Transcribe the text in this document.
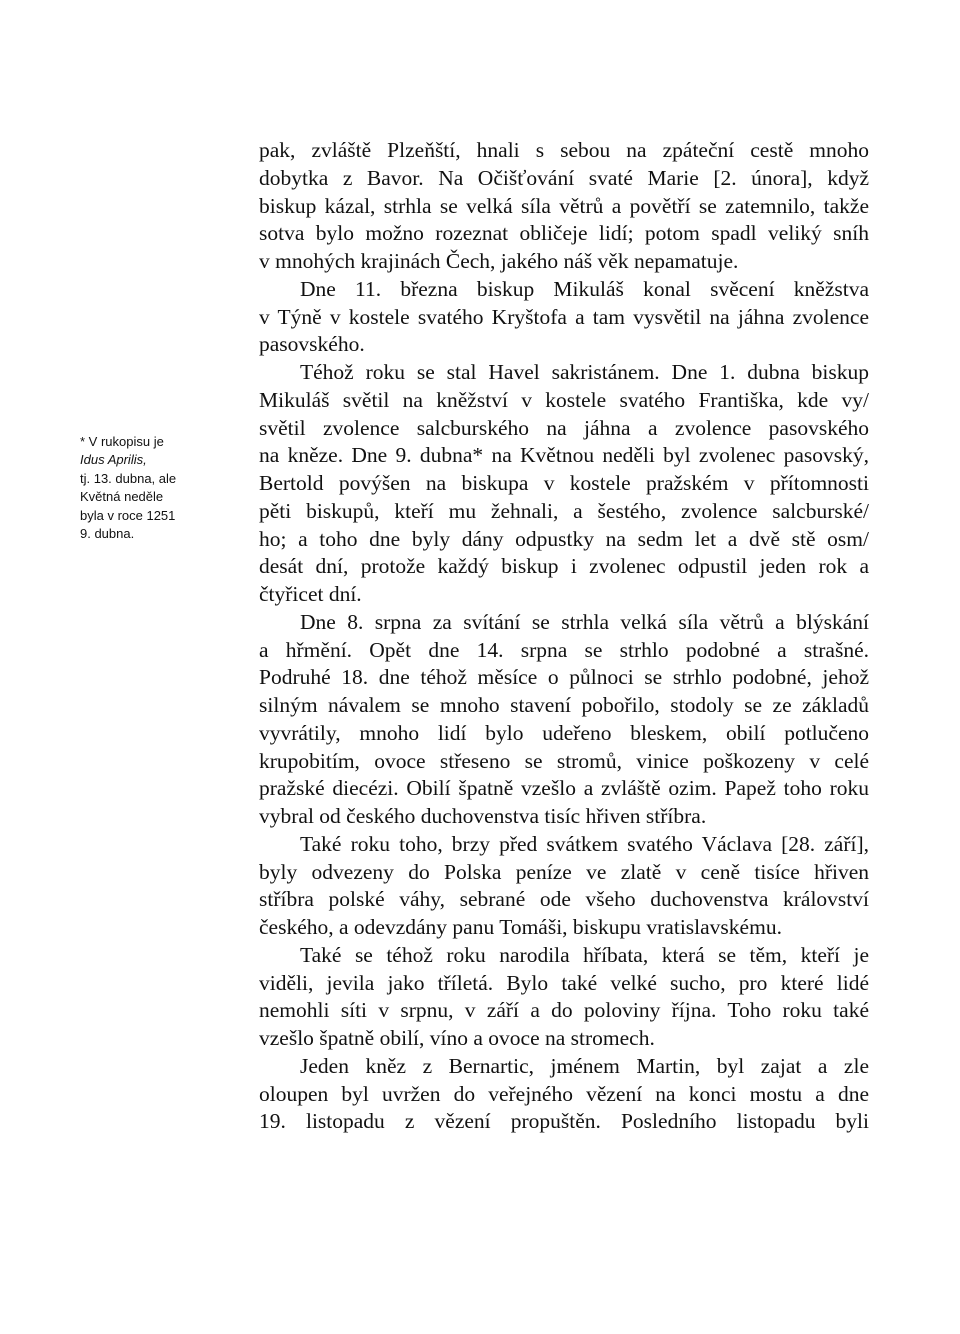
* V rukopisu je
Idus Aprilis,
tj. 13. dubna, ale
Květná neděle
byla v roce 1251
9. dubna.
pak, zvláště Plzeňští, hnali s sebou na zpáteční cestě mnoho
dobytka z Bavor. Na Očišťování svaté Marie [2. února], když
biskup kázal, strhla se velká síla větrů a povětří se zatemnilo, takže
sotva bylo možno rozeznat obličeje lidí; potom spadl veliký sníh
v mnohých krajinách Čech, jakého náš věk nepamatuje.
Dne 11. března biskup Mikuláš konal svěcení kněžstva
v Týně v kostele svatého Kryštofa a tam vysvětil na jáhna zvolence
pasovského.
Téhož roku se stal Havel sakristánem. Dne 1. dubna biskup
Mikuláš světil na kněžství v kostele svatého Františka, kde vy/
světil zvolence salcburského na jáhna a zvolence pasovského
na kněze. Dne 9. dubna* na Květnou neděli byl zvolenec pasovský,
Bertold povýšen na biskupa v kostele pražském v přítomnosti
pěti biskupů, kteří mu žehnali, a šestého, zvolence salcburské/
ho; a toho dne byly dány odpustky na sedm let a dvě stě osm/
desát dní, protože každý biskup i zvolenec odpustil jeden rok a
čtyřicet dní.
Dne 8. srpna za svítání se strhla velká síla větrů a blýskání
a hřmění. Opět dne 14. srpna se strhlo podobné a strašné.
Podruhé 18. dne téhož měsíce o půlnoci se strhlo podobné, jehož
silným návalem se mnoho stavení pobořilo, stodoly se ze základů
vyvrátily, mnoho lidí bylo udeřeno bleskem, obilí potlučeno
krupobitím, ovoce střeseno se stromů, vinice poškozeny v celé
pražské diecézi. Obilí špatně vzešlo a zvláště ozim. Papež toho roku
vybral od českého duchovenstva tisíc hřiven stříbra.
Také roku toho, brzy před svátkem svatého Václava [28. září],
byly odvezeny do Polska peníze ve zlatě v ceně tisíce hřiven
stříbra polské váhy, sebrané ode všeho duchovenstva království
českého, a odevzdány panu Tomáši, biskupu vratislavskému.
Také se téhož roku narodila hříbata, která se těm, kteří je
viděli, jevila jako tříletá. Bylo také velké sucho, pro které lidé
nemohli síti v srpnu, v září a do poloviny října. Toho roku také
vzešlo špatně obilí, víno a ovoce na stromech.
Jeden kněz z Bernartic, jménem Martin, byl zajat a zle
oloupen byl uvržen do veřejného vězení na konci mostu a dne
19. listopadu z vězení propuštěn. Posledního listopadu byli
